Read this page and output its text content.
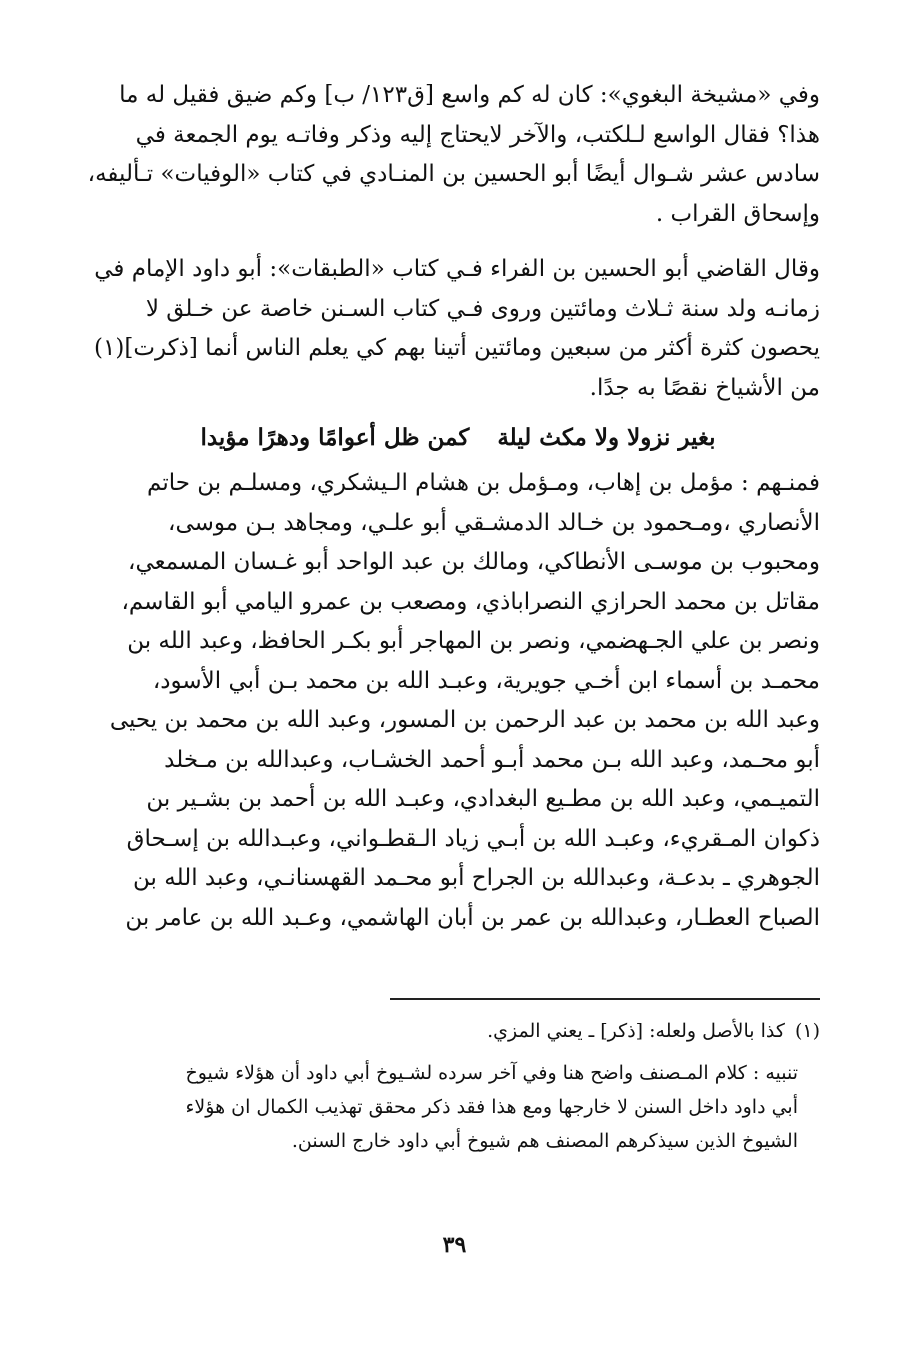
وفي «مشيخة البغوي»: كان له كم واسع [ق١٢٣/ ب] وكم ضيق فقيل له ما
هذا؟ فقال الواسع لـلكتب، والآخر لايحتاج إليه وذكر وفاتـه يوم الجمعة في
سادس عشر شـوال أيضًا أبو الحسين بن المنـادي في كتاب «الوفيات» تـأليفه،
وإسحاق القراب .

وقال القاضي أبو الحسين بن الفراء فـي كتاب «الطبقات»: أبو داود الإمام في
زمانـه ولد سنة ثـلاث ومائتين وروى فـي كتاب السـنن خاصة عن خـلق لا
يحصون كثرة أكثر من سبعين ومائتين أتينا بهم كي يعلم الناس أنما [ذكرت](١)
من الأشياخ نقصًا به جدًا.

بغير نزولا ولا مكث ليلة
كمن ظل أعوامًا ودهرًا مؤيدا

فمنـهم : مؤمل بن إهاب، ومـؤمل بن هشام الـيشكري، ومسلـم بن حاتم
الأنصاري ،ومـحمود بن خـالد الدمشـقي أبو علـي، ومجاهد بـن موسى،
ومحبوب بن موسـى الأنطاكي، ومالك بن عبد الواحد أبو غـسان المسمعي،
مقاتل بن محمد الحرازي النصراباذي، ومصعب بن عمرو اليامي أبو القاسم،
ونصر بن علي الجـهضمي، ونصر بن المهاجر أبو بكـر الحافظ، وعبد الله بن
محمـد بن أسماء ابن أخـي جويرية، وعبـد الله بن محمد بـن أبي الأسود،
وعبد الله بن محمد بن عبد الرحمن بن المسور، وعبد الله بن محمد بن يحيى
أبو محـمد، وعبد الله بـن محمد أبـو أحمد الخشـاب، وعبدالله بن مـخلد
التميـمي، وعبد الله بن مطـيع البغدادي، وعبـد الله بن أحمد بن بشـير بن
ذكوان المـقريء، وعبـد الله بن أبـي زياد الـقطـواني، وعبـدالله بن إسـحاق
الجوهري ـ بدعـة، وعبدالله بن الجراح أبو محـمد القهسنانـي، وعبد الله بن
الصباح العطـار، وعبدالله بن عمر بن أبان الهاشمي، وعـبد الله بن عامر بن

(١)
كذا بالأصل ولعله: [ذكر] ـ يعني المزي.
تنبيه : كلام المـصنف واضح هنا وفي آخر سرده لشـيوخ أبي داود أن هؤلاء شيوخ
أبي داود داخل السنن لا خارجها ومع هذا فقد ذكر محقق تهذيب الكمال ان هؤلاء
الشيوخ الذين سيذكرهم المصنف هم شيوخ أبي داود خارج السنن.
٣٩
